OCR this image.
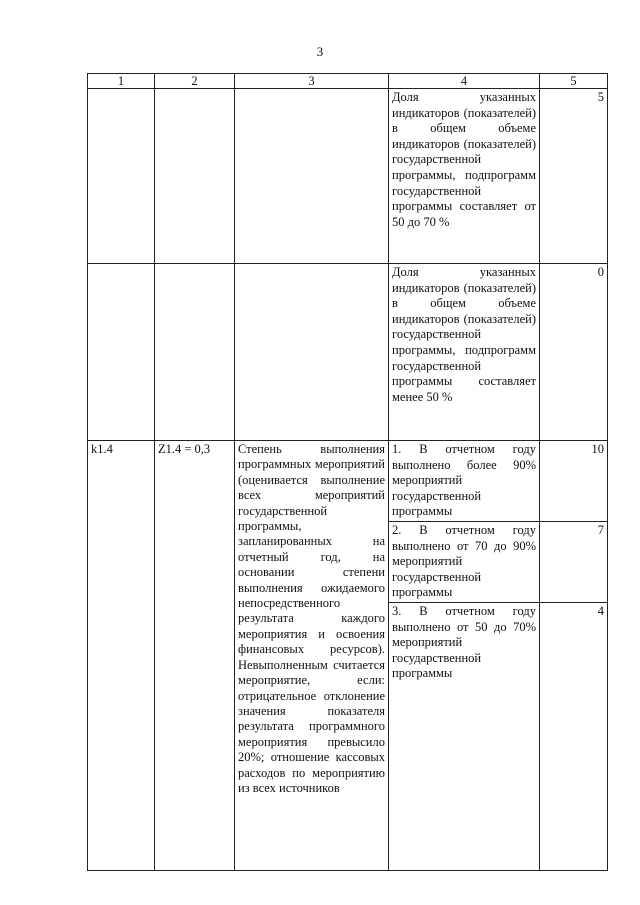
3
1	2	3	4	5
			Доля указанных индикаторов (показателей) в общем объеме индикаторов (показателей) государственной программы, подпрограмм государственной программы составляет от 50 до 70 %	5
			Доля указанных индикаторов (показателей) в общем объеме индикаторов (показателей) государственной программы, подпрограмм государственной программы составляет менее 50 %	0
k1.4	Z1.4 = 0,3	Степень выполнения программных мероприятий (оценивается выполнение всех мероприятий государственной программы, запланированных на отчетный год, на основании степени выполнения ожидаемого непосредственного результата каждого мероприятия и освоения финансовых ресурсов). Невыполненным считается мероприятие, если: отрицательное отклонение значения показателя результата программного мероприятия превысило 20%; отношение кассовых расходов по мероприятию из всех источников	1. В отчетном году выполнено более 90% мероприятий государственной программы	10
			2. В отчетном году выполнено от 70 до 90% мероприятий государственной программы	7
			3. В отчетном году выполнено от 50 до 70% мероприятий государственной программы	4
